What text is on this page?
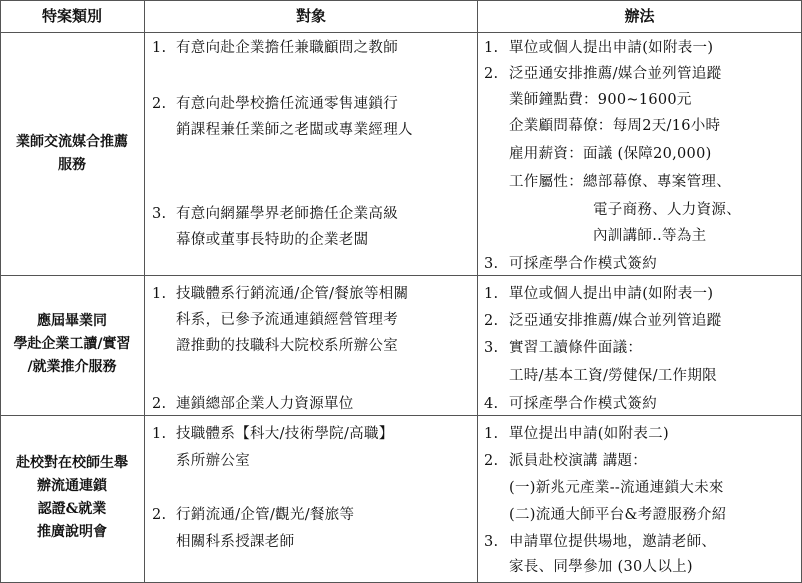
特案類別	對象	辦法
業師交流媒合推薦
服務
1. 有意向赴企業擔任兼職顧問之教師
2. 有意向赴學校擔任流通零售連鎖行
銷課程兼任業師之老闆或專業經理人
3. 有意向網羅學界老師擔任企業高級
幕僚或董事長特助的企業老闆
1. 單位或個人提出申請(如附表一)
2. 泛亞通安排推薦/媒合並列管追蹤
業師鐘點費：900~1600元
企業顧問幕僚：每周2天/16小時
雇用薪資：面議 (保障20,000)
工作屬性：總部幕僚、專案管理、
電子商務、人力資源、
內訓講師..等為主
3. 可採產學合作模式簽約
應屆畢業同
學赴企業工讀/實習
/就業推介服務
1. 技職體系行銷流通/企管/餐旅等相關
科系，已參予流通連鎖經營管理考
證推動的技職科大院校系所辦公室
2. 連鎖總部企業人力資源單位
1. 單位或個人提出申請(如附表一)
2. 泛亞通安排推薦/媒合並列管追蹤
3. 實習工讀條件面議：
工時/基本工資/勞健保/工作期限
4. 可採產學合作模式簽約
赴校對在校師生舉
辦流通連鎖
認證&就業
推廣說明會
1. 技職體系【科大/技術學院/高職】
系所辦公室
2. 行銷流通/企管/觀光/餐旅等
相關科系授課老師
1. 單位提出申請(如附表二)
2. 派員赴校演講 講題：
(一)新兆元產業--流通連鎖大未來
(二)流通大師平台&考證服務介紹
3. 申請單位提供場地，邀請老師、
家長、同學參加 (30人以上)
